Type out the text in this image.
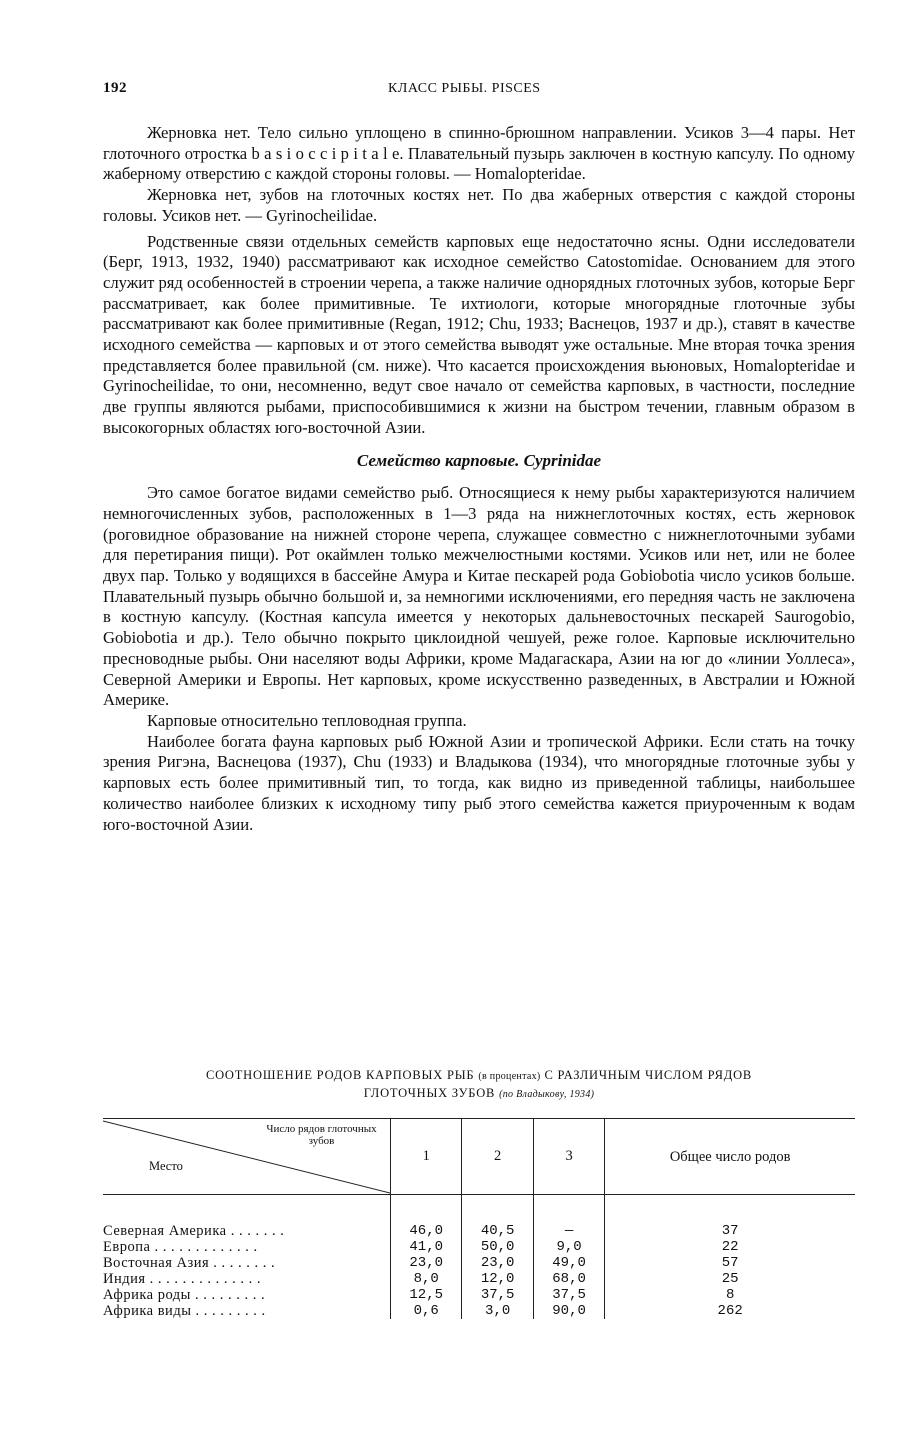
192	КЛАСС РЫБЫ. PISCES

Жерновка нет. Тело сильно уплощено в спинно-брюшном направлении. Усиков 3—4 пары. Нет глоточного отростка b a s i o c c i p i t a l e. Плавательный пузырь заключен в костную капсулу. По одному жаберному отверстию с каждой стороны головы. — Homalopteridae.

Жерновка нет, зубов на глоточных костях нет. По два жаберных отверстия с каждой стороны головы. Усиков нет. — Gyrinocheilidae.

Родственные связи отдельных семейств карповых еще недостаточно ясны. Одни исследователи (Берг, 1913, 1932, 1940) рассматривают как исходное семейство Catostomidae. Основанием для этого служит ряд особенностей в строении черепа, а также наличие однорядных глоточных зубов, которые Берг рассматривает, как более примитивные. Те ихтиологи, которые многорядные глоточные зубы рассматривают как более примитивные (Regan, 1912; Chu, 1933; Васнецов, 1937 и др.), ставят в качестве исходного семейства — карповых и от этого семейства выводят уже остальные. Мне вторая точка зрения представляется более правильной (см. ниже). Что касается происхождения вьюновых, Homalopteridae и Gyrinocheilidae, то они, несомненно, ведут свое начало от семейства карповых, в частности, последние две группы являются рыбами, приспособившимися к жизни на быстром течении, главным образом в высокогорных областях юго-восточной Азии.

Семейство карповые. Cyprinidae

Это самое богатое видами семейство рыб. Относящиеся к нему рыбы характеризуются наличием немногочисленных зубов, расположенных в 1—3 ряда на нижнеглоточных костях, есть жерновок (роговидное образование на нижней стороне черепа, служащее совместно с нижнеглоточными зубами для перетирания пищи). Рот окаймлен только межчелюстными костями. Усиков или нет, или не более двух пар. Только у водящихся в бассейне Амура и Китае пескарей рода Gobiobotia число усиков больше. Плавательный пузырь обычно большой и, за немногими исключениями, его передняя часть не заключена в костную капсулу. (Костная капсула имеется у некоторых дальневосточных пескарей Saurogobio, Gobiobotia и др.). Тело обычно покрыто циклоидной чешуей, реже голое. Карповые исключительно пресноводные рыбы. Они населяют воды Африки, кроме Мадагаскара, Азии на юг до «линии Уоллеса», Северной Америки и Европы. Нет карповых, кроме искусственно разведенных, в Австралии и Южной Америке.

Карповые относительно тепловодная группа.

Наиболее богата фауна карповых рыб Южной Азии и тропической Африки. Если стать на точку зрения Ригэна, Васнецова (1937), Chu (1933) и Владыкова (1934), что многорядные глоточные зубы у карповых есть более примитивный тип, то тогда, как видно из приведенной таблицы, наибольшее количество наиболее близких к исходному типу рыб этого семейства кажется приуроченным к водам юго-восточной Азии.

СООТНОШЕНИЕ РОДОВ КАРПОВЫХ РЫБ (в процентах) С РАЗЛИЧНЫМ ЧИСЛОМ РЯДОВ
ГЛОТОЧНЫХ ЗУБОВ (по Владыкову, 1934)
Число рядов глоточных зубов
Место	1	2	3	Общее число родов

Северная Америка . . . . . . .	46,0	40,5	—	37
Европа . . . . . . . . . . . . .	41,0	50,0	9,0	22
Восточная Азия . . . . . . . .	23,0	23,0	49,0	57
Индия . . . . . . . . . . . . . .	8,0	12,0	68,0	25
Африка роды . . . . . . . . .	12,5	37,5	37,5	8
Африка виды . . . . . . . . .	0,6	3,0	90,0	262
